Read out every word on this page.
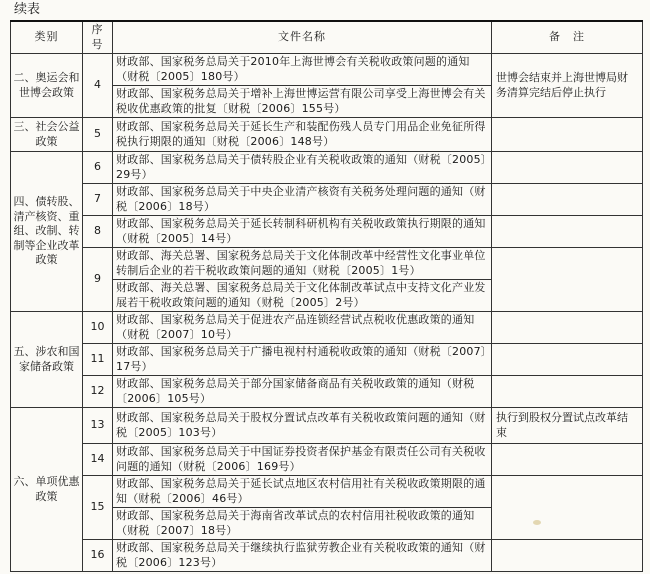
续表
类别	序号	文件名称	备　注
二、奥运会和世博会政策	4	财政部、国家税务总局关于2010年上海世博会有关税收政策问题的通知（财税〔2005〕180号）	世博会结束并上海世博局财务清算完结后停止执行
		财政部、国家税务总局关于增补上海世博运营有限公司享受上海世博会有关税收优惠政策的批复〔财税〔2006〕155号）	
三、社会公益政策	5	财政部、国家税务总局关于延长生产和装配伤残人员专门用品企业免征所得税执行期限的通知〔财税〔2006〕148号）	
四、债转股、清产核资、重组、改制、转制等企业改革政策	6	财政部、国家税务总局关于债转股企业有关税收政策的通知（财税〔2005〕29号）	
	7	财政部、国家税务总局关于中央企业清产核资有关税务处理问题的通知（财税〔2006〕18号）	
	8	财政部、国家税务总局关于延长转制科研机构有关税收政策执行期限的通知（财税〔2005〕14号）	
	9	财政部、海关总署、国家税务总局关于文化体制改革中经营性文化事业单位转制后企业的若干税收政策问题的通知（财税〔2005〕1号）	
		财政部、海关总署、国家税务总局关于文化体制改革试点中支持文化产业发展若干税收政策问题的通知（财税〔2005〕2号）	
五、涉农和国家储备政策	10	财政部、国家税务总局关于促进农产品连锁经营试点税收优惠政策的通知（财税〔2007〕10号）	
	11	财政部、国家税务总局关于广播电视村村通税收政策的通知（财税〔2007〕17号）	
	12	财政部、国家税务总局关于部分国家储备商品有关税收政策的通知（财税〔2006〕105号）	
六、单项优惠政策	13	财政部、国家税务总局关于股权分置试点改革有关税收政策问题的通知（财税〔2005〕103号）	执行到股权分置试点改革结束
	14	财政部、国家税务总局关于中国证券投资者保护基金有限责任公司有关税收问题的通知（财税〔2006〕169号）	
	15	财政部、国家税务总局关于延长试点地区农村信用社有关税收政策期限的通知（财税〔2006〕46号）	
		财政部、国家税务总局关于海南省改革试点的农村信用社税收政策的通知（财税〔2007〕18号）	
	16	财政部、国家税务总局关于继续执行监狱劳教企业有关税收政策的通知（财税〔2006〕123号）	
